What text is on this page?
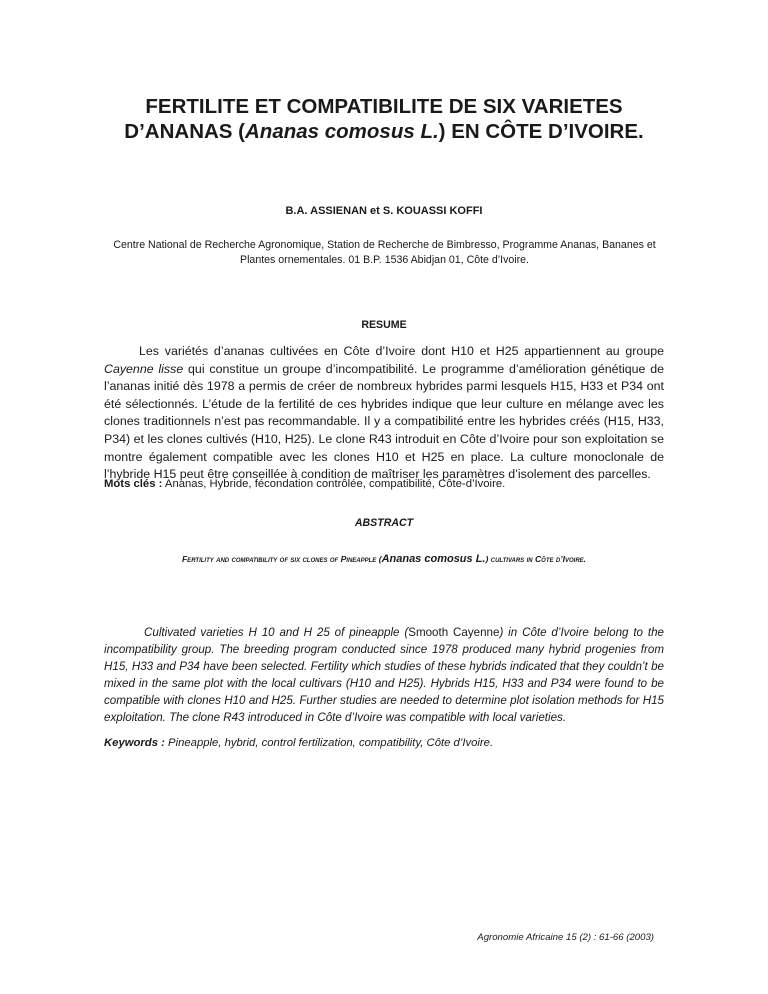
FERTILITE ET COMPATIBILITE DE SIX VARIETES
D’ANANAS (Ananas comosus L.) EN CÔTE D’IVOIRE.
B.A. ASSIENAN et S. KOUASSI KOFFI
Centre National de Recherche Agronomique, Station de Recherche de Bimbresso, Programme Ananas, Bananes et Plantes ornementales. 01 B.P. 1536 Abidjan 01, Côte d’Ivoire.
RESUME

Les variétés d’ananas cultivées en Côte d’Ivoire dont H10 et H25 appartiennent au groupe Cayenne lisse qui constitue un groupe d’incompatibilité. Le programme d’amélioration génétique de l’ananas initié dès 1978 a permis de créer de nombreux hybrides parmi lesquels H15, H33 et P34 ont été sélectionnés. L’étude de la fertilité de ces hybrides indique que leur culture en mélange avec les clones traditionnels n’est pas recommandable. Il y a compatibilité entre les hybrides créés (H15, H33, P34) et les clones cultivés (H10, H25). Le clone R43 introduit en Côte d’Ivoire pour son exploitation se montre également compatible avec les clones H10 et H25 en place. La culture monoclonale de l’hybride H15 peut être conseillée à condition de maîtriser les paramètres d’isolement des parcelles.

Mots clés : Ananas, Hybride, fécondation contrôlée, compatibilité, Côte-d’Ivoire.

ABSTRACT

Fertility and compatibility of six clones of Pineapple (Ananas comosus L.) cultivars in Côte d’Ivoire.

Cultivated varieties H 10 and H 25 of pineapple (Smooth Cayenne) in Côte d’Ivoire belong to the incompatibility group. The breeding program conducted since 1978 produced many hybrid progenies from H15, H33 and P34 have been selected. Fertility which studies of these hybrids indicated that they couldn’t be mixed in the same plot with the local cultivars (H10 and H25). Hybrids H15, H33 and P34 were found to be compatible with clones H10 and H25. Further studies are needed to determine plot isolation methods for H15 exploitation. The clone R43 introduced in Côte d’Ivoire was compatible with local varieties.

Keywords : Pineapple, hybrid, control fertilization, compatibility, Côte d’Ivoire.

Agronomie Africaine 15 (2) : 61-66 (2003)
